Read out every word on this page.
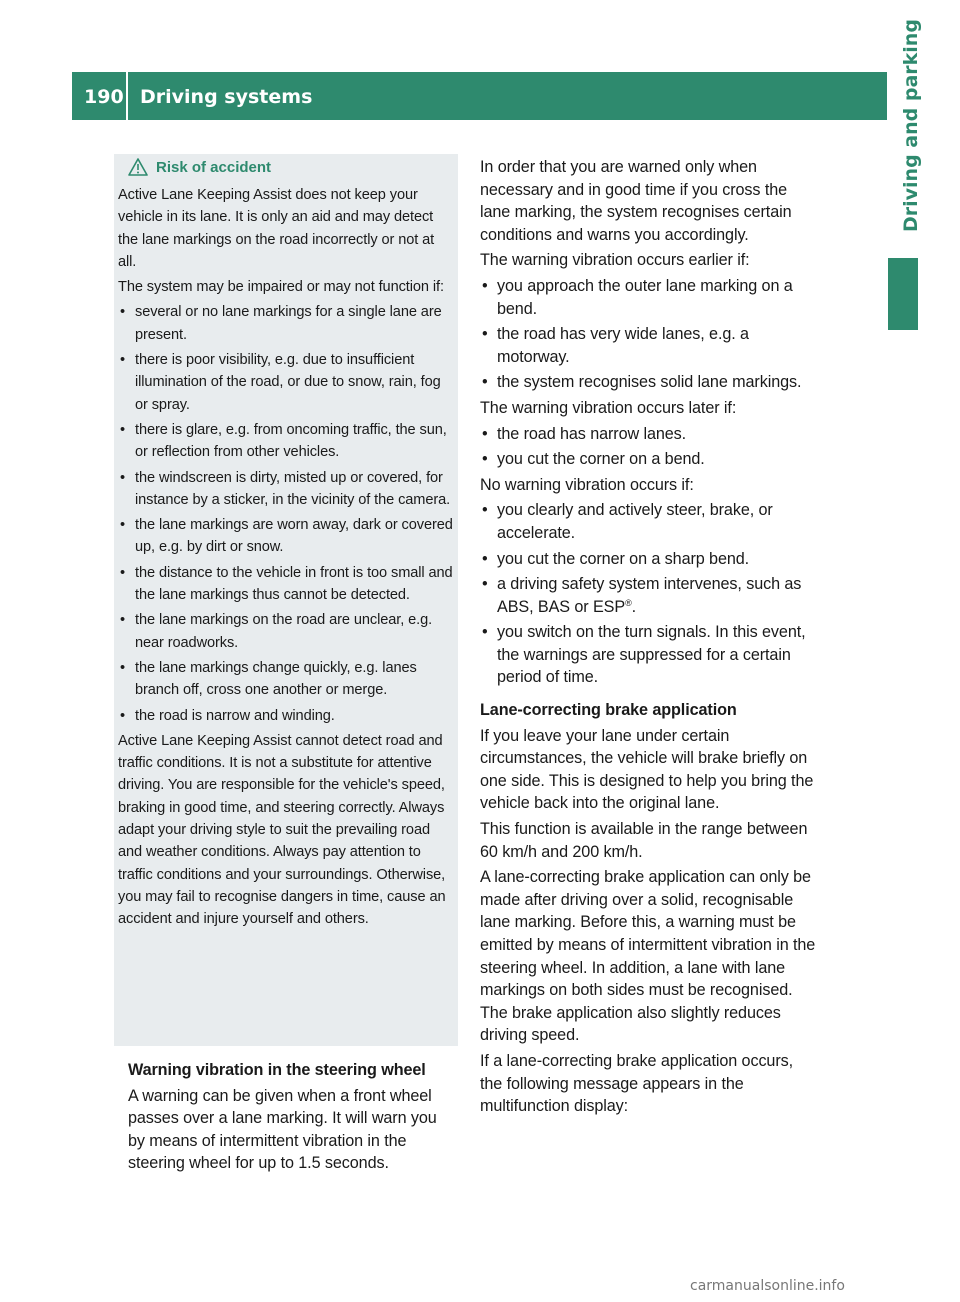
190 Driving systems	Driving and parking
Risk of accident

Active Lane Keeping Assist does not keep your vehicle in its lane. It is only an aid and may detect the lane markings on the road incorrectly or not at all.

The system may be impaired or may not function if:

• several or no lane markings for a single lane are present.
• there is poor visibility, e.g. due to insufficient illumination of the road, or due to snow, rain, fog or spray.
• there is glare, e.g. from oncoming traffic, the sun, or reflection from other vehicles.
• the windscreen is dirty, misted up or covered, for instance by a sticker, in the vicinity of the camera.
• the lane markings are worn away, dark or covered up, e.g. by dirt or snow.
• the distance to the vehicle in front is too small and the lane markings thus cannot be detected.
• the lane markings on the road are unclear, e.g. near roadworks.
• the lane markings change quickly, e.g. lanes branch off, cross one another or merge.
• the road is narrow and winding.

Active Lane Keeping Assist cannot detect road and traffic conditions. It is not a substitute for attentive driving. You are responsible for the vehicle's speed, braking in good time, and steering correctly. Always adapt your driving style to suit the prevailing road and weather conditions. Always pay attention to traffic conditions and your surroundings. Otherwise, you may fail to recognise dangers in time, cause an accident and injure yourself and others.

Warning vibration in the steering wheel

A warning can be given when a front wheel passes over a lane marking. It will warn you by means of intermittent vibration in the steering wheel for up to 1.5 seconds.

In order that you are warned only when necessary and in good time if you cross the lane marking, the system recognises certain conditions and warns you accordingly.

The warning vibration occurs earlier if:

• you approach the outer lane marking on a bend.
• the road has very wide lanes, e.g. a motorway.
• the system recognises solid lane markings.

The warning vibration occurs later if:

• the road has narrow lanes.
• you cut the corner on a bend.

No warning vibration occurs if:

• you clearly and actively steer, brake, or accelerate.
• you cut the corner on a sharp bend.
• a driving safety system intervenes, such as ABS, BAS or ESP®.
• you switch on the turn signals. In this event, the warnings are suppressed for a certain period of time.
Lane-correcting brake application

If you leave your lane under certain circumstances, the vehicle will brake briefly on one side. This is designed to help you bring the vehicle back into the original lane.

This function is available in the range between 60 km/h and 200 km/h.

A lane-correcting brake application can only be made after driving over a solid, recognisable lane marking. Before this, a warning must be emitted by means of intermittent vibration in the steering wheel. In addition, a lane with lane markings on both sides must be recognised. The brake application also slightly reduces driving speed.

If a lane-correcting brake application occurs, the following message appears in the multifunction display:

carmanualsonline.info
